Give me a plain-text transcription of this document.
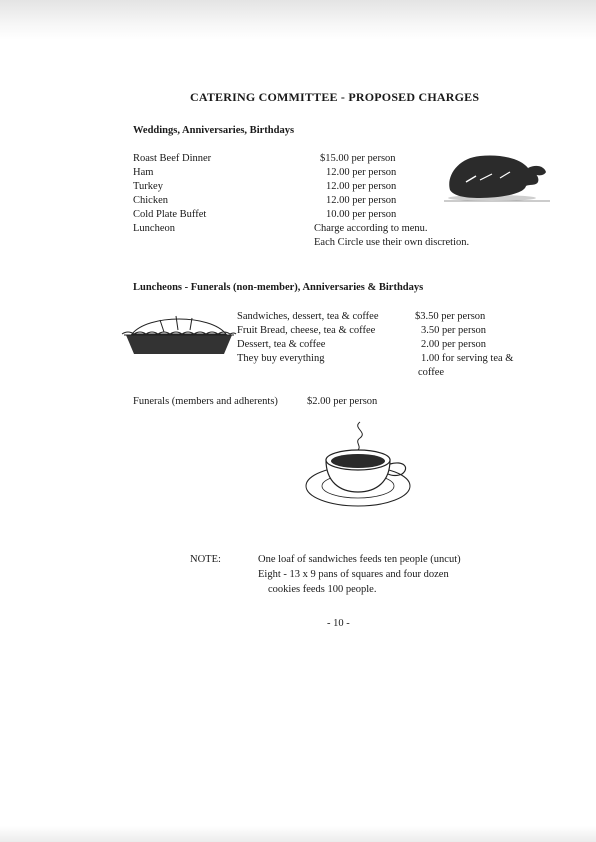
CATERING COMMITTEE - PROPOSED CHARGES
Weddings, Anniversaries, Birthdays
Roast Beef Dinner	$15.00 per person
Ham	12.00 per person
Turkey	12.00 per person
Chicken	12.00 per person
Cold Plate Buffet	10.00 per person
Luncheon	Charge according to menu.
Each Circle use their own discretion.
Luncheons - Funerals (non-member), Anniversaries & Birthdays
Sandwiches, dessert, tea & coffee	$3.50 per person
Fruit Bread, cheese, tea & coffee	3.50 per person
Dessert, tea & coffee	2.00 per person
They buy everything	1.00 for serving tea &
coffee
Funerals (members and adherents)	$2.00 per person
NOTE:	One loaf of sandwiches feeds ten people (uncut)
Eight - 13 x 9 pans of squares and four dozen
cookies feeds 100 people.
- 10 -
